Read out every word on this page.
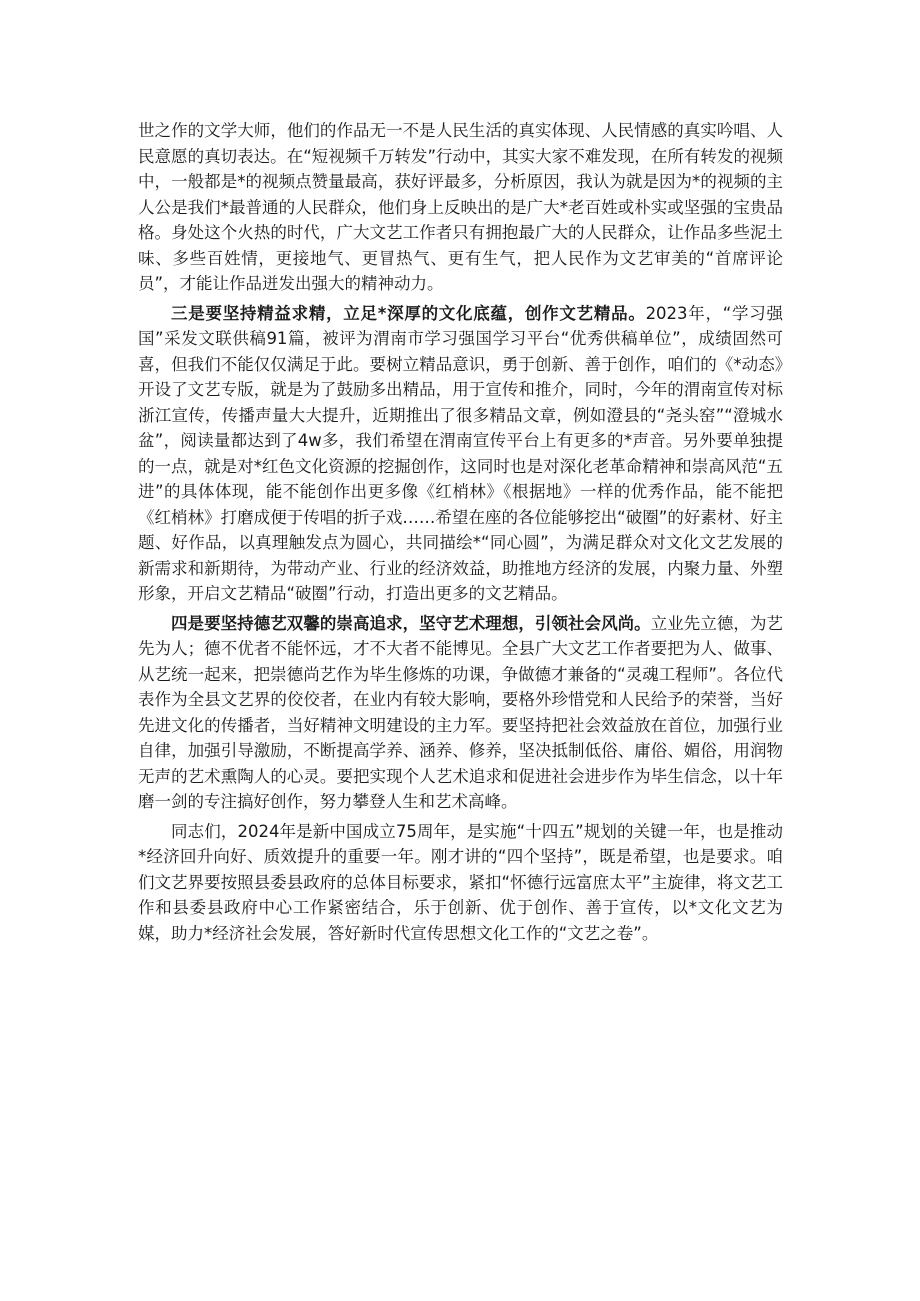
世之作的文学大师，他们的作品无一不是人民生活的真实体现、人民情感的真实吟唱、人民意愿的真切表达。在“短视频千万转发”行动中，其实大家不难发现，在所有转发的视频中，一般都是*的视频点赞量最高，获好评最多，分析原因，我认为就是因为*的视频的主人公是我们*最普通的人民群众，他们身上反映出的是广大*老百姓或朴实或坚强的宝贵品格。身处这个火热的时代，广大文艺工作者只有拥抱最广大的人民群众，让作品多些泥土味、多些百姓情，更接地气、更冒热气、更有生气，把人民作为文艺审美的“首席评论员”，才能让作品迸发出强大的精神动力。

三是要坚持精益求精，立足*深厚的文化底蕴，创作文艺精品。2023年，“学习强国”采发文联供稿91篇，被评为渭南市学习强国学习平台“优秀供稿单位”，成绩固然可喜，但我们不能仅仅满足于此。要树立精品意识，勇于创新、善于创作，咱们的《*动态》开设了文艺专版，就是为了鼓励多出精品，用于宣传和推介，同时，今年的渭南宣传对标浙江宣传，传播声量大大提升，近期推出了很多精品文章，例如澄县的“尧头窑”“澄城水盆”，阅读量都达到了4w多，我们希望在渭南宣传平台上有更多的*声音。另外要单独提的一点，就是对*红色文化资源的挖掘创作，这同时也是对深化老革命精神和崇高风范“五进”的具体体现，能不能创作出更多像《红梢林》《根据地》一样的优秀作品，能不能把《红梢林》打磨成便于传唱的折子戏……希望在座的各位能够挖出“破圈”的好素材、好主题、好作品，以真理触发点为圆心，共同描绘*“同心圆”，为满足群众对文化文艺发展的新需求和新期待，为带动产业、行业的经济效益，助推地方经济的发展，内聚力量、外塑形象，开启文艺精品“破圈”行动，打造出更多的文艺精品。

四是要坚持德艺双馨的崇高追求，坚守艺术理想，引领社会风尚。立业先立德，为艺先为人；德不优者不能怀远，才不大者不能博见。全县广大文艺工作者要把为人、做事、从艺统一起来，把崇德尚艺作为毕生修炼的功课，争做德才兼备的“灵魂工程师”。各位代表作为全县文艺界的佼佼者，在业内有较大影响，要格外珍惜党和人民给予的荣誉，当好先进文化的传播者，当好精神文明建设的主力军。要坚持把社会效益放在首位，加强行业自律，加强引导激励，不断提高学养、涵养、修养，坚决抵制低俗、庸俗、媚俗，用润物无声的艺术熏陶人的心灵。要把实现个人艺术追求和促进社会进步作为毕生信念，以十年磨一剑的专注搞好创作，努力攀登人生和艺术高峰。

同志们，2024年是新中国成立75周年，是实施“十四五”规划的关键一年，也是推动*经济回升向好、质效提升的重要一年。刚才讲的“四个坚持”，既是希望，也是要求。咱们文艺界要按照县委县政府的总体目标要求，紧扣“怀德行远富庶太平”主旋律，将文艺工作和县委县政府中心工作紧密结合，乐于创新、优于创作、善于宣传，以*文化文艺为媒，助力*经济社会发展，答好新时代宣传思想文化工作的“文艺之卷”。
